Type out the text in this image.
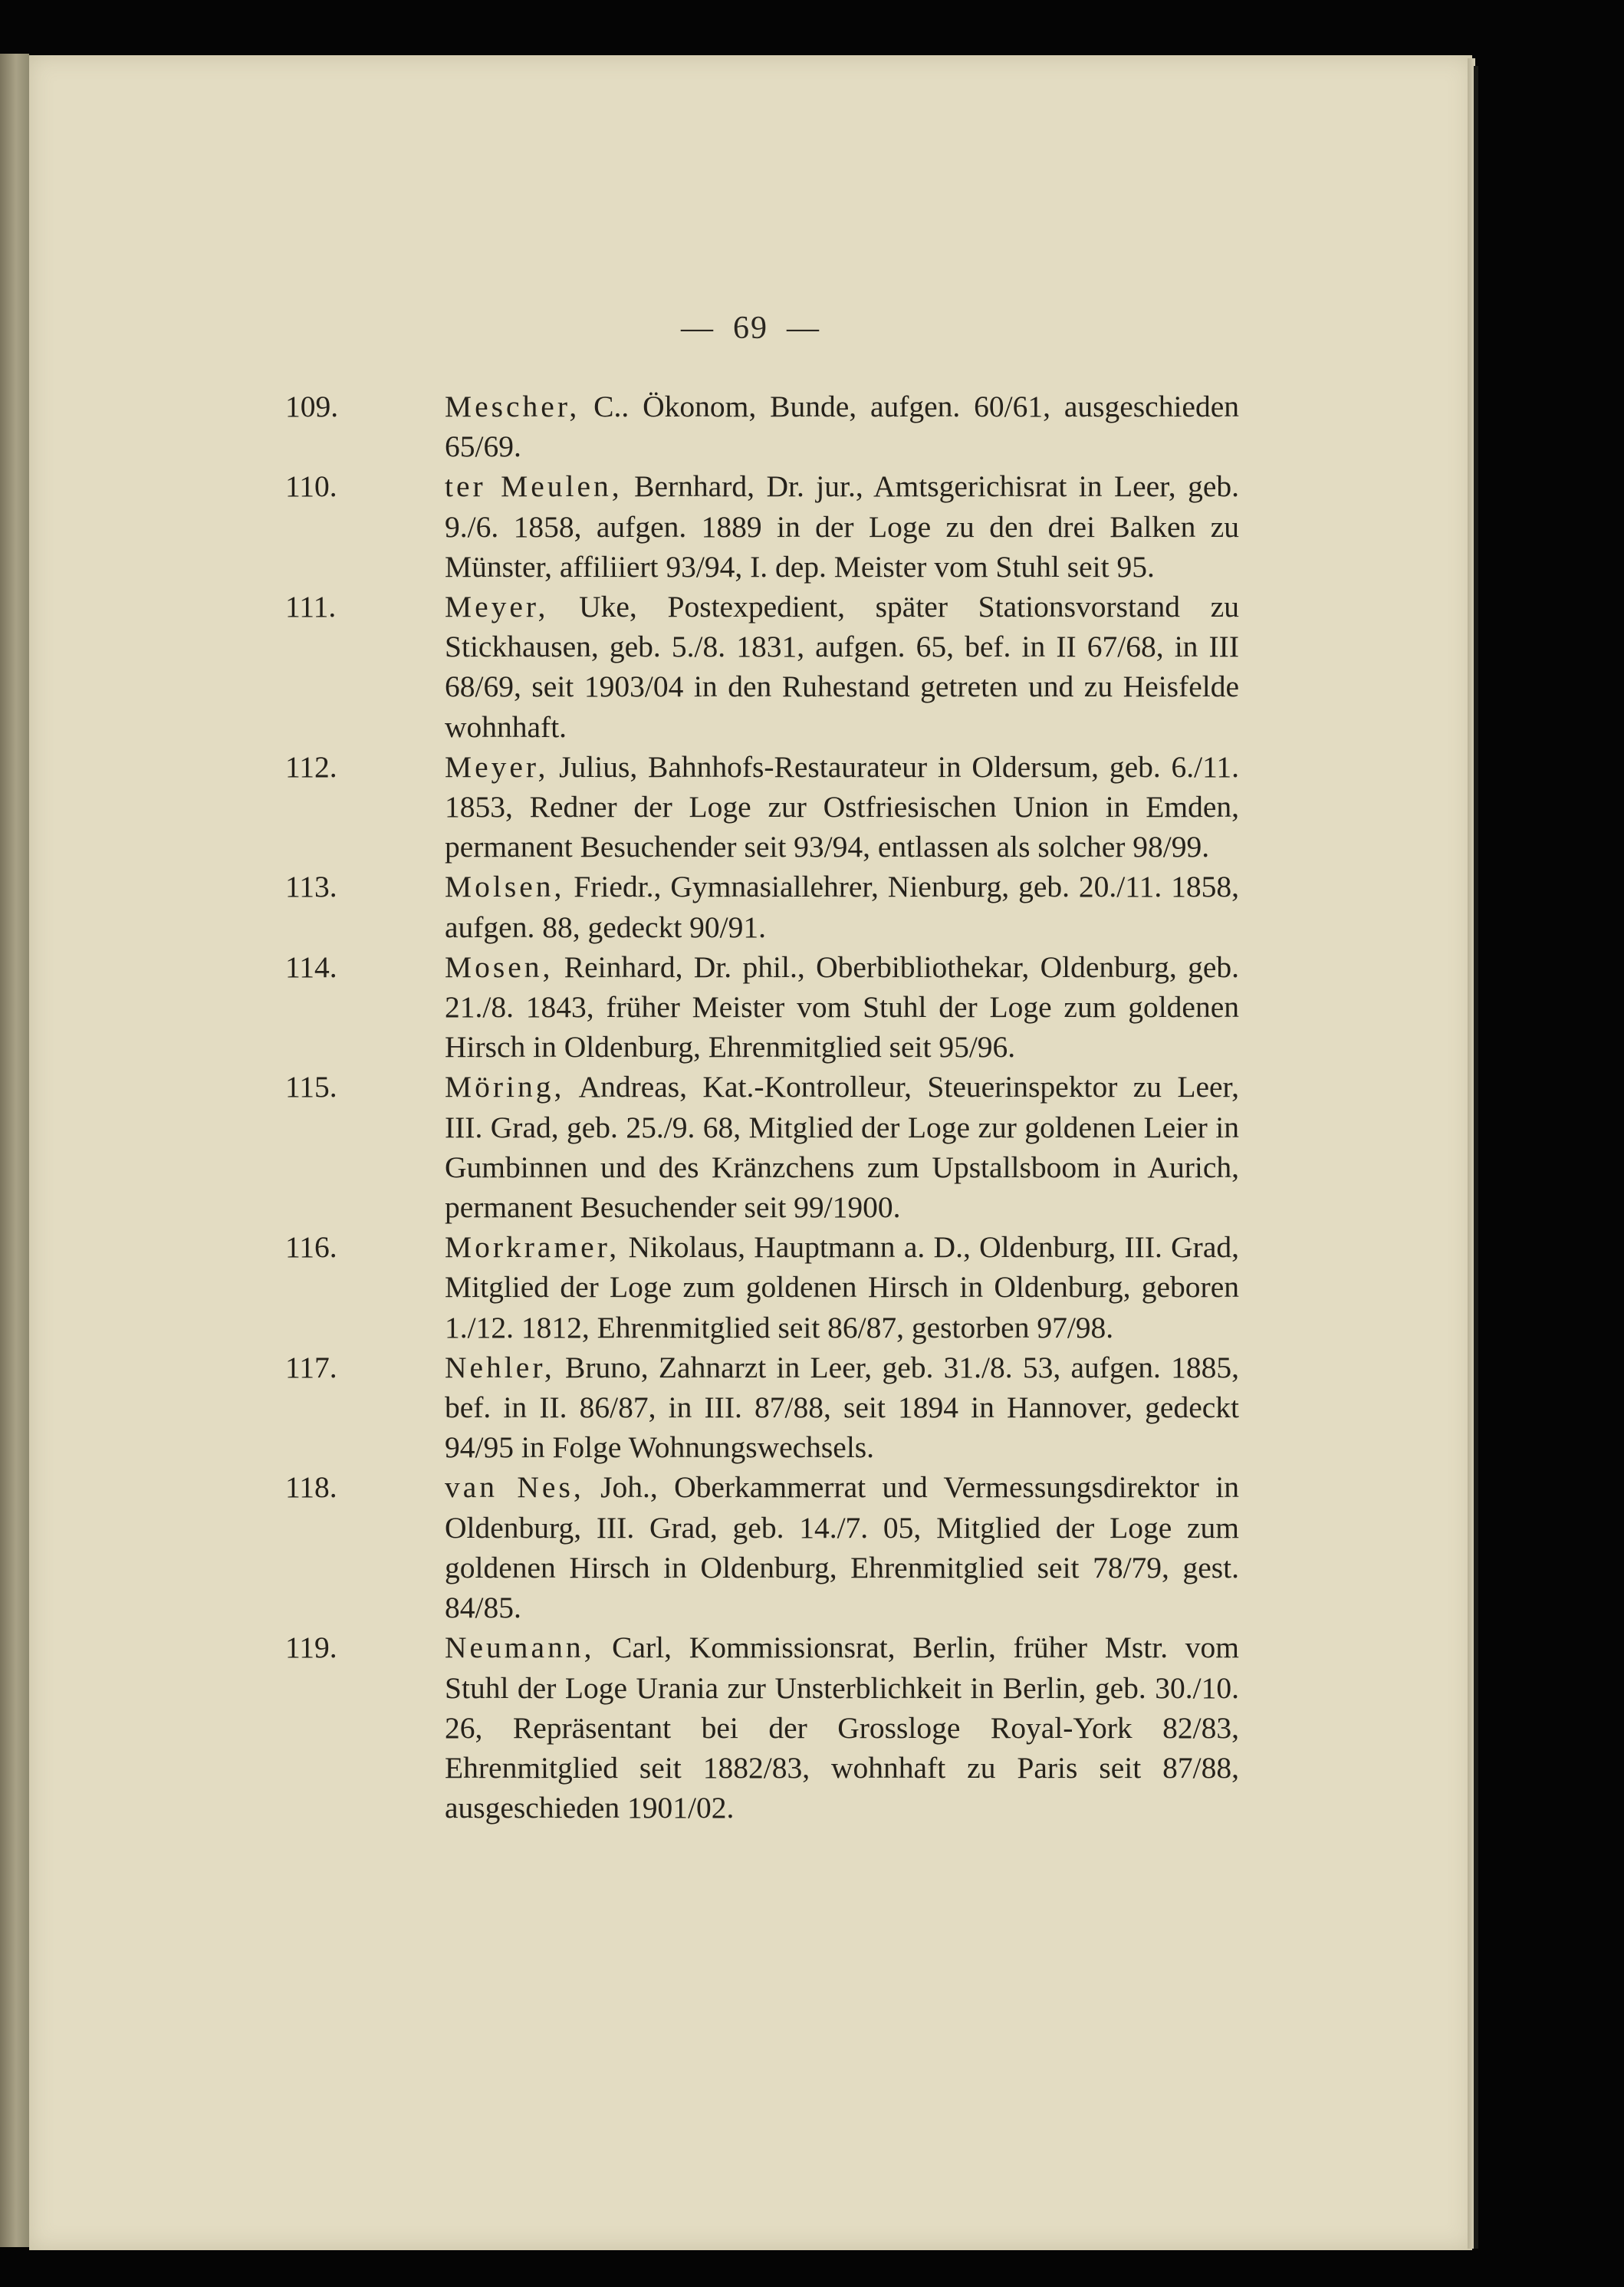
— 69 —
109.	Mescher, C.. Ökonom, Bunde, aufgen. 60/61, ausgeschieden 65/69.
110.	ter Meulen, Bernhard, Dr. jur., Amtsgerichisrat in Leer, geb. 9./6. 1858, aufgen. 1889 in der Loge zu den drei Balken zu Münster, affiliiert 93/94, I. dep. Meister vom Stuhl seit 95.
111.	Meyer, Uke, Postexpedient, später Stationsvorstand zu Stickhausen, geb. 5./8. 1831, aufgen. 65, bef. in II 67/68, in III 68/69, seit 1903/04 in den Ruhestand getreten und zu Heisfelde wohnhaft.
112.	Meyer, Julius, Bahnhofs-Restaurateur in Oldersum, geb. 6./11. 1853, Redner der Loge zur Ostfriesischen Union in Emden, permanent Besuchender seit 93/94, entlassen als solcher 98/99.
113.	Molsen, Friedr., Gymnasiallehrer, Nienburg, geb. 20./11. 1858, aufgen. 88, gedeckt 90/91.
114.	Mosen, Reinhard, Dr. phil., Oberbibliothekar, Oldenburg, geb. 21./8. 1843, früher Meister vom Stuhl der Loge zum goldenen Hirsch in Oldenburg, Ehrenmitglied seit 95/96.
115.	Möring, Andreas, Kat.-Kontrolleur, Steuerinspektor zu Leer, III. Grad, geb. 25./9. 68, Mitglied der Loge zur goldenen Leier in Gumbinnen und des Kränzchens zum Upstallsboom in Aurich, permanent Besuchender seit 99/1900.
116.	Morkramer, Nikolaus, Hauptmann a. D., Oldenburg, III. Grad, Mitglied der Loge zum goldenen Hirsch in Oldenburg, geboren 1./12. 1812, Ehrenmitglied seit 86/87, gestorben 97/98.
117.	Nehler, Bruno, Zahnarzt in Leer, geb. 31./8. 53, aufgen. 1885, bef. in II. 86/87, in III. 87/88, seit 1894 in Hannover, gedeckt 94/95 in Folge Wohnungswechsels.
118.	van Nes, Joh., Oberkammerrat und Vermessungsdirektor in Oldenburg, III. Grad, geb. 14./7. 05, Mitglied der Loge zum goldenen Hirsch in Oldenburg, Ehrenmitglied seit 78/79, gest. 84/85.
119.	Neumann, Carl, Kommissionsrat, Berlin, früher Mstr. vom Stuhl der Loge Urania zur Unsterblichkeit in Berlin, geb. 30./10. 26, Repräsentant bei der Grossloge Royal-York 82/83, Ehrenmitglied seit 1882/83, wohnhaft zu Paris seit 87/88, ausgeschieden 1901/02.
